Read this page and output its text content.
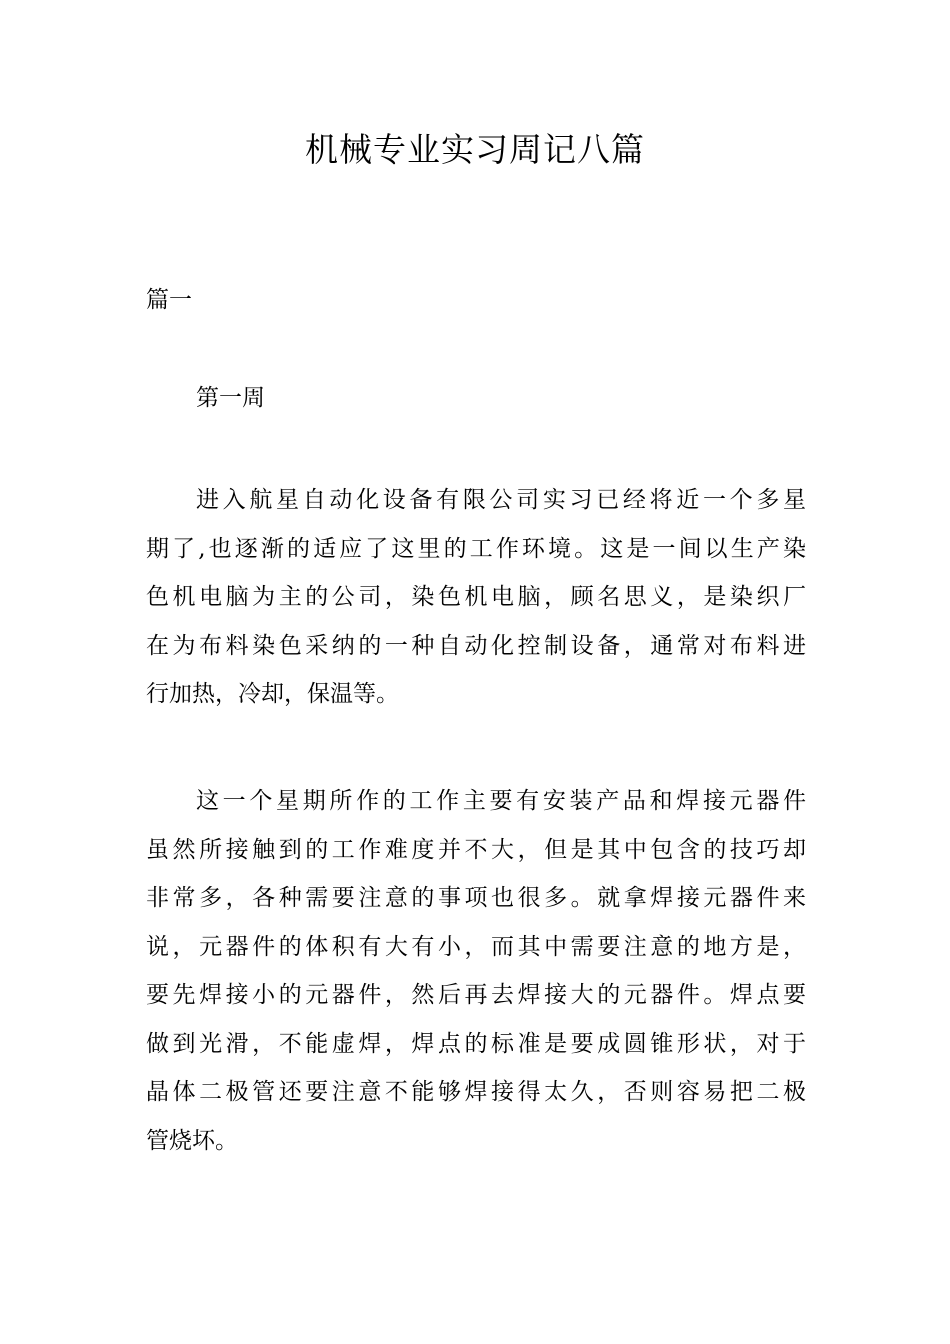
机械专业实习周记八篇
篇一
第一周
进入航星自动化设备有限公司实习已经将近一个多星
期了,也逐渐的适应了这里的工作环境。这是一间以生产染
色机电脑为主的公司，染色机电脑，顾名思义，是染织厂
在为布料染色采纳的一种自动化控制设备，通常对布料进
行加热，冷却，保温等。
这一个星期所作的工作主要有安装产品和焊接元器件
虽然所接触到的工作难度并不大，但是其中包含的技巧却
非常多，各种需要注意的事项也很多。就拿焊接元器件来
说，元器件的体积有大有小，而其中需要注意的地方是，
要先焊接小的元器件，然后再去焊接大的元器件。焊点要
做到光滑，不能虚焊，焊点的标准是要成圆锥形状，对于
晶体二极管还要注意不能够焊接得太久，否则容易把二极
管烧坏。
